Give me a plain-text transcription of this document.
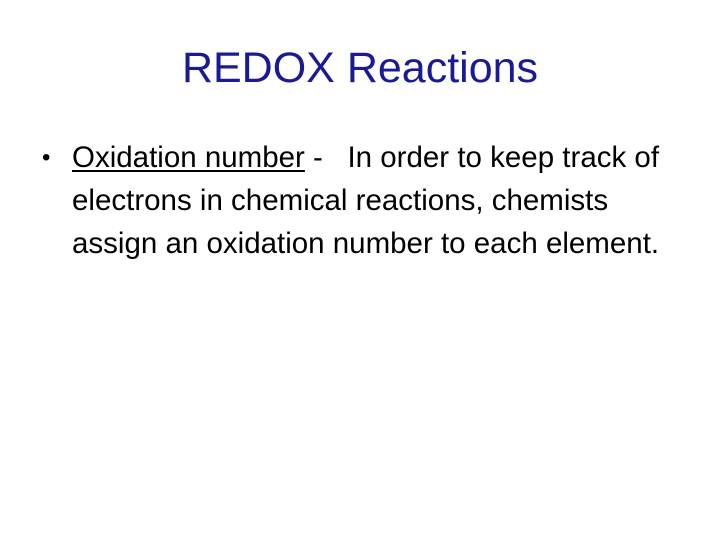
REDOX Reactions
• Oxidation number -   In order to keep track of electrons in chemical reactions, chemists assign an oxidation number to each element.
